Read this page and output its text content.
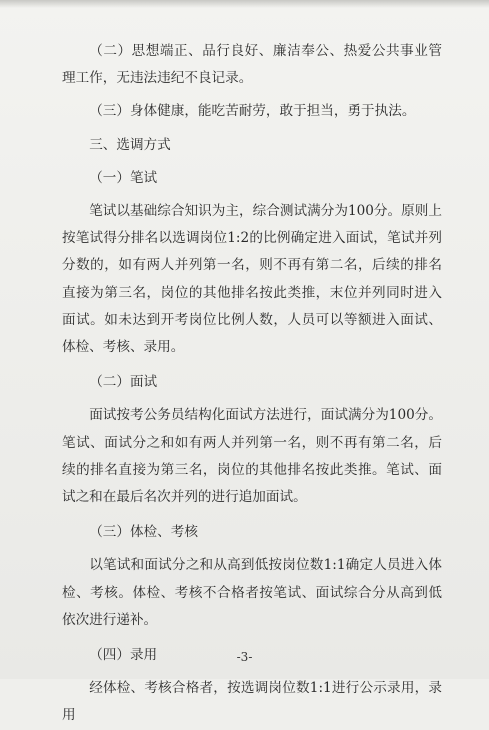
（二）思想端正、品行良好、廉洁奉公、热爱公共事业管理工作，无违法违纪不良记录。

（三）身体健康，能吃苦耐劳，敢于担当，勇于执法。

三、选调方式

（一）笔试

笔试以基础综合知识为主，综合测试满分为100分。原则上按笔试得分排名以选调岗位1:2的比例确定进入面试，笔试并列分数的，如有两人并列第一名，则不再有第二名，后续的排名直接为第三名，岗位的其他排名按此类推，末位并列同时进入面试。如未达到开考岗位比例人数，人员可以等额进入面试、体检、考核、录用。

（二）面试

面试按考公务员结构化面试方法进行，面试满分为100分。笔试、面试分之和如有两人并列第一名，则不再有第二名，后续的排名直接为第三名，岗位的其他排名按此类推。笔试、面试之和在最后名次并列的进行追加面试。

（三）体检、考核

以笔试和面试分之和从高到低按岗位数1:1确定人员进入体检、考核。体检、考核不合格者按笔试、面试综合分从高到低依次进行递补。

（四）录用

经体检、考核合格者，按选调岗位数1:1进行公示录用，录用

-3-
